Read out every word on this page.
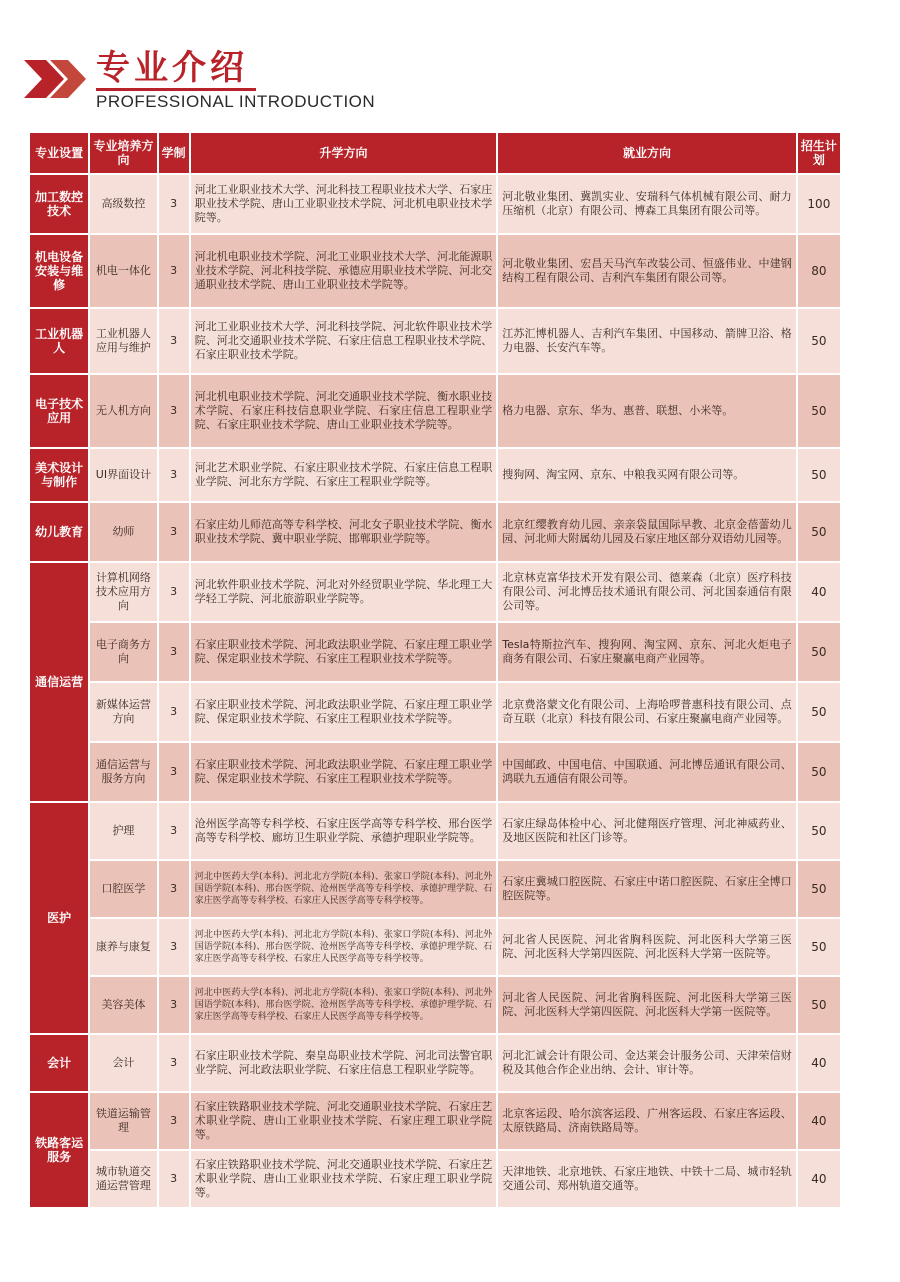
专业介绍
PROFESSIONAL INTRODUCTION
专业设置	专业培养方向	学制	升学方向	就业方向	招生计划
加工数控技术	高级数控	3	河北工业职业技术大学、河北科技工程职业技术大学、石家庄职业技术学院、唐山工业职业技术学院、河北机电职业技术学院等。	河北敬业集团、冀凯实业、安瑞科气体机械有限公司、耐力压缩机（北京）有限公司、博森工具集团有限公司等。	100
机电设备安装与维修	机电一体化	3	河北机电职业技术学院、河北工业职业技术大学、河北能源职业技术学院、河北科技学院、承德应用职业技术学院、河北交通职业技术学院、唐山工业职业技术学院等。	河北敬业集团、宏昌天马汽车改装公司、恒盛伟业、中建钢结构工程有限公司、吉利汽车集团有限公司等。	80
工业机器人	工业机器人应用与维护	3	河北工业职业技术大学、河北科技学院、河北软件职业技术学院、河北交通职业技术学院、石家庄信息工程职业技术学院、石家庄职业技术学院。	江苏汇博机器人、吉利汽车集团、中国移动、箭牌卫浴、格力电器、长安汽车等。	50
电子技术应用	无人机方向	3	河北机电职业技术学院、河北交通职业技术学院、衡水职业技术学院、石家庄科技信息职业学院、石家庄信息工程职业学院、石家庄职业技术学院、唐山工业职业技术学院等。	格力电器、京东、华为、惠普、联想、小米等。	50
美术设计与制作	UI界面设计	3	河北艺术职业学院、石家庄职业技术学院、石家庄信息工程职业学院、河北东方学院、石家庄工程职业学院等。	搜狗网、淘宝网、京东、中粮我买网有限公司等。	50
幼儿教育	幼师	3	石家庄幼儿师范高等专科学校、河北女子职业技术学院、衡水职业技术学院、冀中职业学院、邯郸职业学院等。	北京红缨教育幼儿园、亲亲袋鼠国际早教、北京金蓓蕾幼儿园、河北师大附属幼儿园及石家庄地区部分双语幼儿园等。	50
通信运营	计算机网络技术应用方向	3	河北软件职业技术学院、河北对外经贸职业学院、华北理工大学轻工学院、河北旅游职业学院等。	北京林克富华技术开发有限公司、德莱森（北京）医疗科技有限公司、河北博岳技术通讯有限公司、河北国泰通信有限公司等。	40
	电子商务方向	3	石家庄职业技术学院、河北政法职业学院、石家庄理工职业学院、保定职业技术学院、石家庄工程职业技术学院等。	Tesla特斯拉汽车、搜狗网、淘宝网、京东、河北火炬电子商务有限公司、石家庄聚赢电商产业园等。	50
	新媒体运营方向	3	石家庄职业技术学院、河北政法职业学院、石家庄理工职业学院、保定职业技术学院、石家庄工程职业技术学院等。	北京费洛蒙文化有限公司、上海哈啰普惠科技有限公司、点奇互联（北京）科技有限公司、石家庄聚赢电商产业园等。	50
	通信运营与服务方向	3	石家庄职业技术学院、河北政法职业学院、石家庄理工职业学院、保定职业技术学院、石家庄工程职业技术学院等。	中国邮政、中国电信、中国联通、河北博岳通讯有限公司、鸿联九五通信有限公司等。	50
医护	护理	3	沧州医学高等专科学校、石家庄医学高等专科学校、邢台医学高等专科学校、廊坊卫生职业学院、承德护理职业学院等。	石家庄绿岛体检中心、河北健翔医疗管理、河北神威药业、及地区医院和社区门诊等。	50
	口腔医学	3	河北中医药大学(本科)、河北北方学院(本科)、张家口学院(本科)、河北外国语学院(本科)、邢台医学院、沧州医学高等专科学校、承德护理学院、石家庄医学高等专科学校、石家庄人民医学高等专科学校等。	石家庄冀城口腔医院、石家庄中诺口腔医院、石家庄全博口腔医院等。	50
	康养与康复	3	河北中医药大学(本科)、河北北方学院(本科)、张家口学院(本科)、河北外国语学院(本科)、邢台医学院、沧州医学高等专科学校、承德护理学院、石家庄医学高等专科学校、石家庄人民医学高等专科学校等。	河北省人民医院、河北省胸科医院、河北医科大学第三医院、河北医科大学第四医院、河北医科大学第一医院等。	50
	美容美体	3	河北中医药大学(本科)、河北北方学院(本科)、张家口学院(本科)、河北外国语学院(本科)、邢台医学院、沧州医学高等专科学校、承德护理学院、石家庄医学高等专科学校、石家庄人民医学高等专科学校等。	河北省人民医院、河北省胸科医院、河北医科大学第三医院、河北医科大学第四医院、河北医科大学第一医院等。	50
会计	会计	3	石家庄职业技术学院、秦皇岛职业技术学院、河北司法警官职业学院、河北政法职业学院、石家庄信息工程职业学院等。	河北汇诚会计有限公司、金达莱会计服务公司、天津荣信财税及其他合作企业出纳、会计、审计等。	40
铁路客运服务	铁道运输管理	3	石家庄铁路职业技术学院、河北交通职业技术学院、石家庄艺术职业学院、唐山工业职业技术学院、石家庄理工职业学院等。	北京客运段、哈尔滨客运段、广州客运段、石家庄客运段、太原铁路局、济南铁路局等。	40
	城市轨道交通运营管理	3	石家庄铁路职业技术学院、河北交通职业技术学院、石家庄艺术职业学院、唐山工业职业技术学院、石家庄理工职业学院等。	天津地铁、北京地铁、石家庄地铁、中铁十二局、城市轻轨交通公司、郑州轨道交通等。	40
